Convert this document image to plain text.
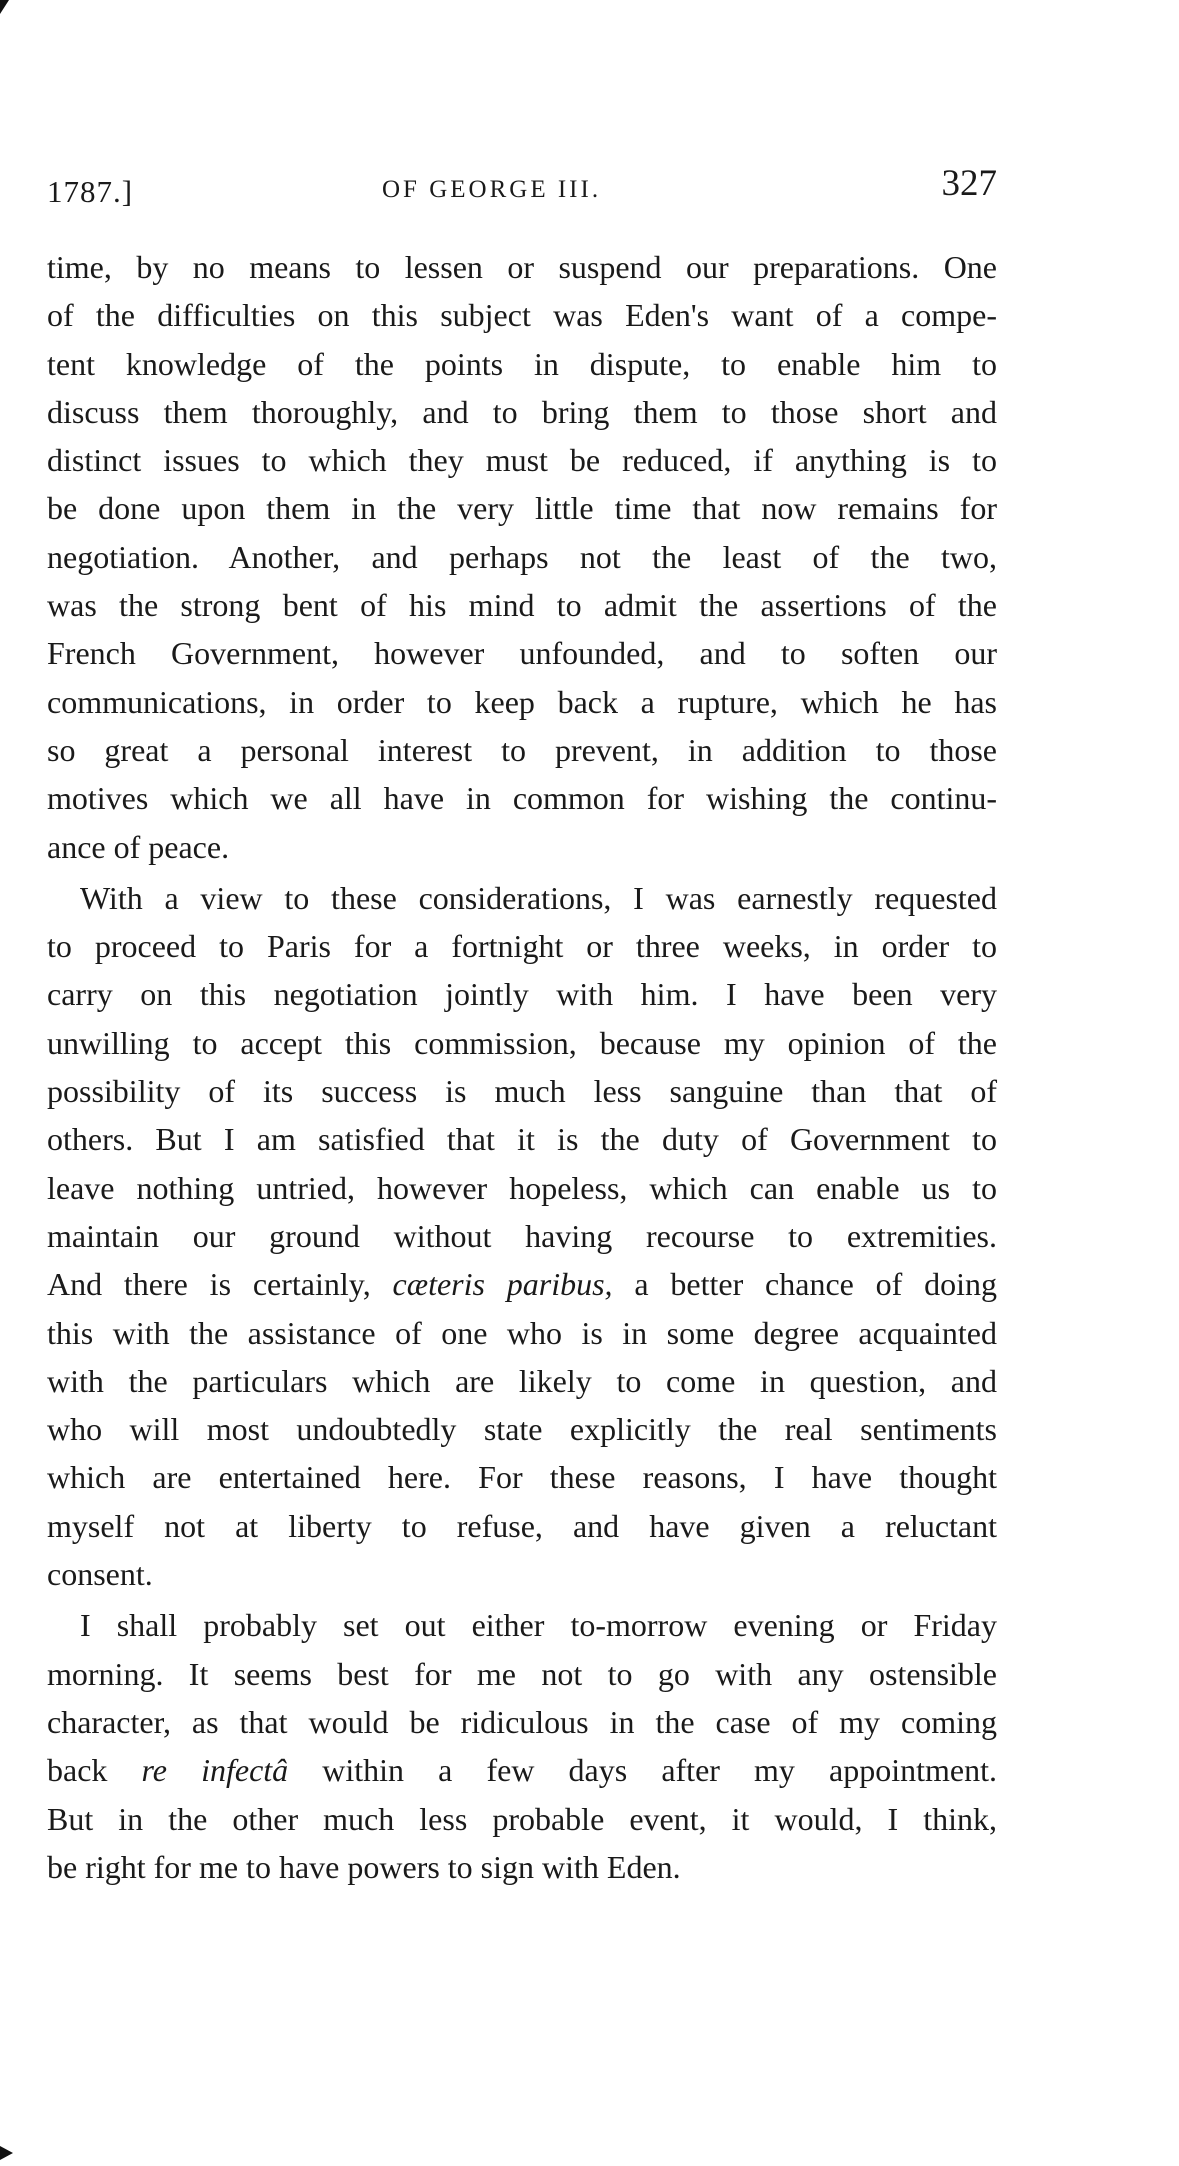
1787.]	OF GEORGE III.	327
time, by no means to lessen or suspend our preparations. One
of the difficulties on this subject was Eden's want of a compe-
tent knowledge of the points in dispute, to enable him to
discuss them thoroughly, and to bring them to those short and
distinct issues to which they must be reduced, if anything is to
be done upon them in the very little time that now remains for
negotiation. Another, and perhaps not the least of the two,
was the strong bent of his mind to admit the assertions of the
French Government, however unfounded, and to soften our
communications, in order to keep back a rupture, which he has
so great a personal interest to prevent, in addition to those
motives which we all have in common for wishing the continu-
ance of peace.
With a view to these considerations, I was earnestly requested
to proceed to Paris for a fortnight or three weeks, in order to
carry on this negotiation jointly with him. I have been very
unwilling to accept this commission, because my opinion of the
possibility of its success is much less sanguine than that of
others. But I am satisfied that it is the duty of Government to
leave nothing untried, however hopeless, which can enable us to
maintain our ground without having recourse to extremities.
And there is certainly, cæteris paribus, a better chance of doing
this with the assistance of one who is in some degree acquainted
with the particulars which are likely to come in question, and
who will most undoubtedly state explicitly the real sentiments
which are entertained here. For these reasons, I have thought
myself not at liberty to refuse, and have given a reluctant
consent.
I shall probably set out either to-morrow evening or Friday
morning. It seems best for me not to go with any ostensible
character, as that would be ridiculous in the case of my coming
back re infectâ within a few days after my appointment.
But in the other much less probable event, it would, I think,
be right for me to have powers to sign with Eden.
